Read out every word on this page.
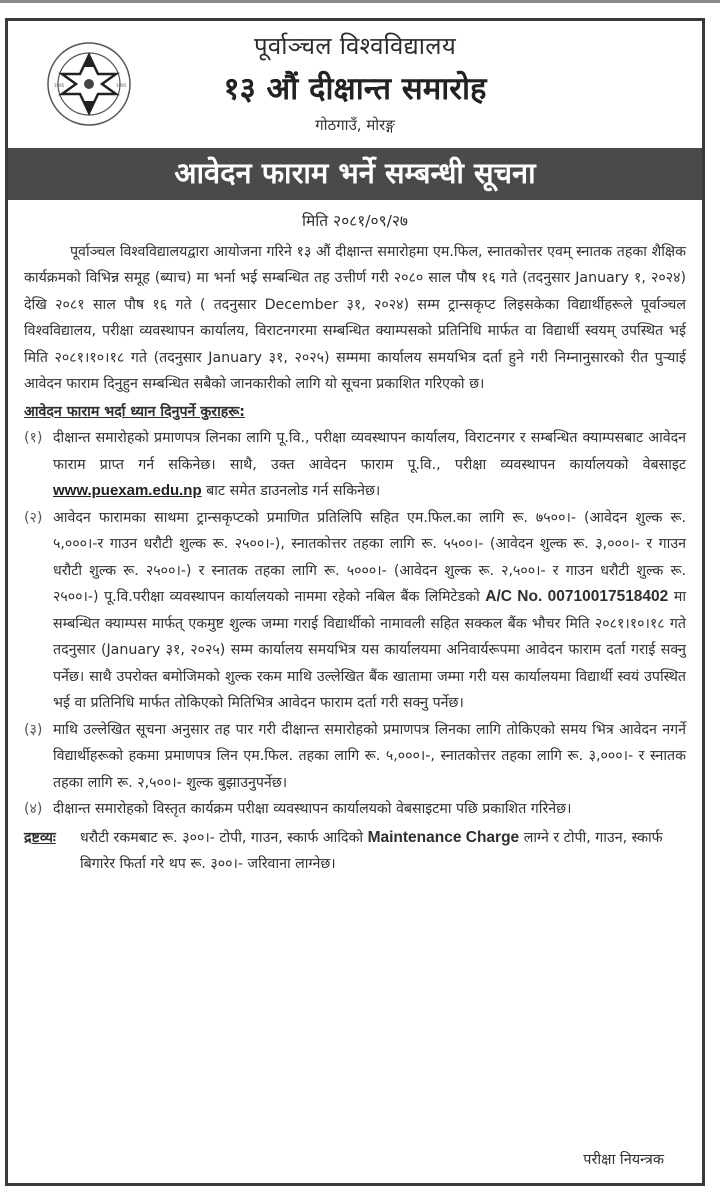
1995	1995
पूर्वाञ्चल विश्वविद्यालय
१३ औं दीक्षान्त समारोह
गोठगाउँ, मोरङ्ग
आवेदन फाराम भर्ने सम्बन्धी सूचना
मिति २०८१/०९/२७

पूर्वाञ्चल विश्वविद्यालयद्वारा आयोजना गरिने १३ औं दीक्षान्त समारोहमा एम.फिल, स्नातकोत्तर एवम् स्नातक तहका शैक्षिक कार्यक्रमको विभिन्न समूह (ब्याच) मा भर्ना भई सम्बन्धित तह उत्तीर्ण गरी २०८० साल पौष १६ गते (तदनुसार January १, २०२४) देखि २०८१ साल पौष १६ गते ( तदनुसार December ३१, २०२४) सम्म ट्रान्सकृप्ट लिइसकेका विद्यार्थीहरूले पूर्वाञ्चल विश्वविद्यालय, परीक्षा व्यवस्थापन कार्यालय, विराटनगरमा सम्बन्धित क्याम्पसको प्रतिनिधि मार्फत वा विद्यार्थी स्वयम् उपस्थित भई मिति २०८१।१०।१८ गते (तदनुसार January ३१, २०२५) सम्ममा कार्यालय समयभित्र दर्ता हुने गरी निम्नानुसारको रीत पुऱ्याई आवेदन फाराम दिनुहुन सम्बन्धित सबैको जानकारीको लागि यो सूचना प्रकाशित गरिएको छ।

आवेदन फाराम भर्दा ध्यान दिनुपर्ने कुराहरू:
(१) दीक्षान्त समारोहको प्रमाणपत्र लिनका लागि पू.वि., परीक्षा व्यवस्थापन कार्यालय, विराटनगर र सम्बन्धित क्याम्पसबाट आवेदन फाराम प्राप्त गर्न सकिनेछ। साथै, उक्त आवेदन फाराम पू.वि., परीक्षा व्यवस्थापन कार्यालयको वेबसाइट www.puexam.edu.np बाट समेत डाउनलोड गर्न सकिनेछ।
(२) आवेदन फारामका साथमा ट्रान्सकृप्टको प्रमाणित प्रतिलिपि सहित एम.फिल.का लागि रू. ७५००।- (आवेदन शुल्क रू. ५,०००।-र गाउन धरौटी शुल्क रू. २५००।-), स्नातकोत्तर तहका लागि रू. ५५००।- (आवेदन शुल्क रू. ३,०००।- र गाउन धरौटी शुल्क रू. २५००।-) र स्नातक तहका लागि रू. ५०००।- (आवेदन शुल्क रू. २,५००।- र गाउन धरौटी शुल्क रू. २५००।-) पू.वि.परीक्षा व्यवस्थापन कार्यालयको नाममा रहेको नबिल बैंक लिमिटेडको A/C No. 00710017518402 मा सम्बन्धित क्याम्पस मार्फत् एकमुष्ट शुल्क जम्मा गराई विद्यार्थीको नामावली सहित सक्कल बैंक भौचर मिति २०८१।१०।१८ गते तदनुसार (January ३१, २०२५) सम्म कार्यालय समयभित्र यस कार्यालयमा अनिवार्यरूपमा आवेदन फाराम दर्ता गराई सक्नु पर्नेछ। साथै उपरोक्त बमोजिमको शुल्क रकम माथि उल्लेखित बैंक खातामा जम्मा गरी यस कार्यालयमा विद्यार्थी स्वयं उपस्थित भई वा प्रतिनिधि मार्फत तोकिएको मितिभित्र आवेदन फाराम दर्ता गरी सक्नु पर्नेछ।
(३) माथि उल्लेखित सूचना अनुसार तह पार गरी दीक्षान्त समारोहको प्रमाणपत्र लिनका लागि तोकिएको समय भित्र आवेदन नगर्ने विद्यार्थीहरूको हकमा प्रमाणपत्र लिन एम.फिल. तहका लागि रू. ५,०००।-, स्नातकोत्तर तहका लागि रू. ३,०००।- र स्नातक तहका लागि रू. २,५००।- शुल्क बुझाउनुपर्नेछ।
(४) दीक्षान्त समारोहको विस्तृत कार्यक्रम परीक्षा व्यवस्थापन कार्यालयको वेबसाइटमा पछि प्रकाशित गरिनेछ।
द्रष्टव्यः	धरौटी रकमबाट रू. ३००।- टोपी, गाउन, स्कार्फ आदिको Maintenance Charge लाग्ने र टोपी, गाउन, स्कार्फ बिगारेर फिर्ता गरे थप रू. ३००।- जरिवाना लाग्नेछ।
परीक्षा नियन्त्रक
